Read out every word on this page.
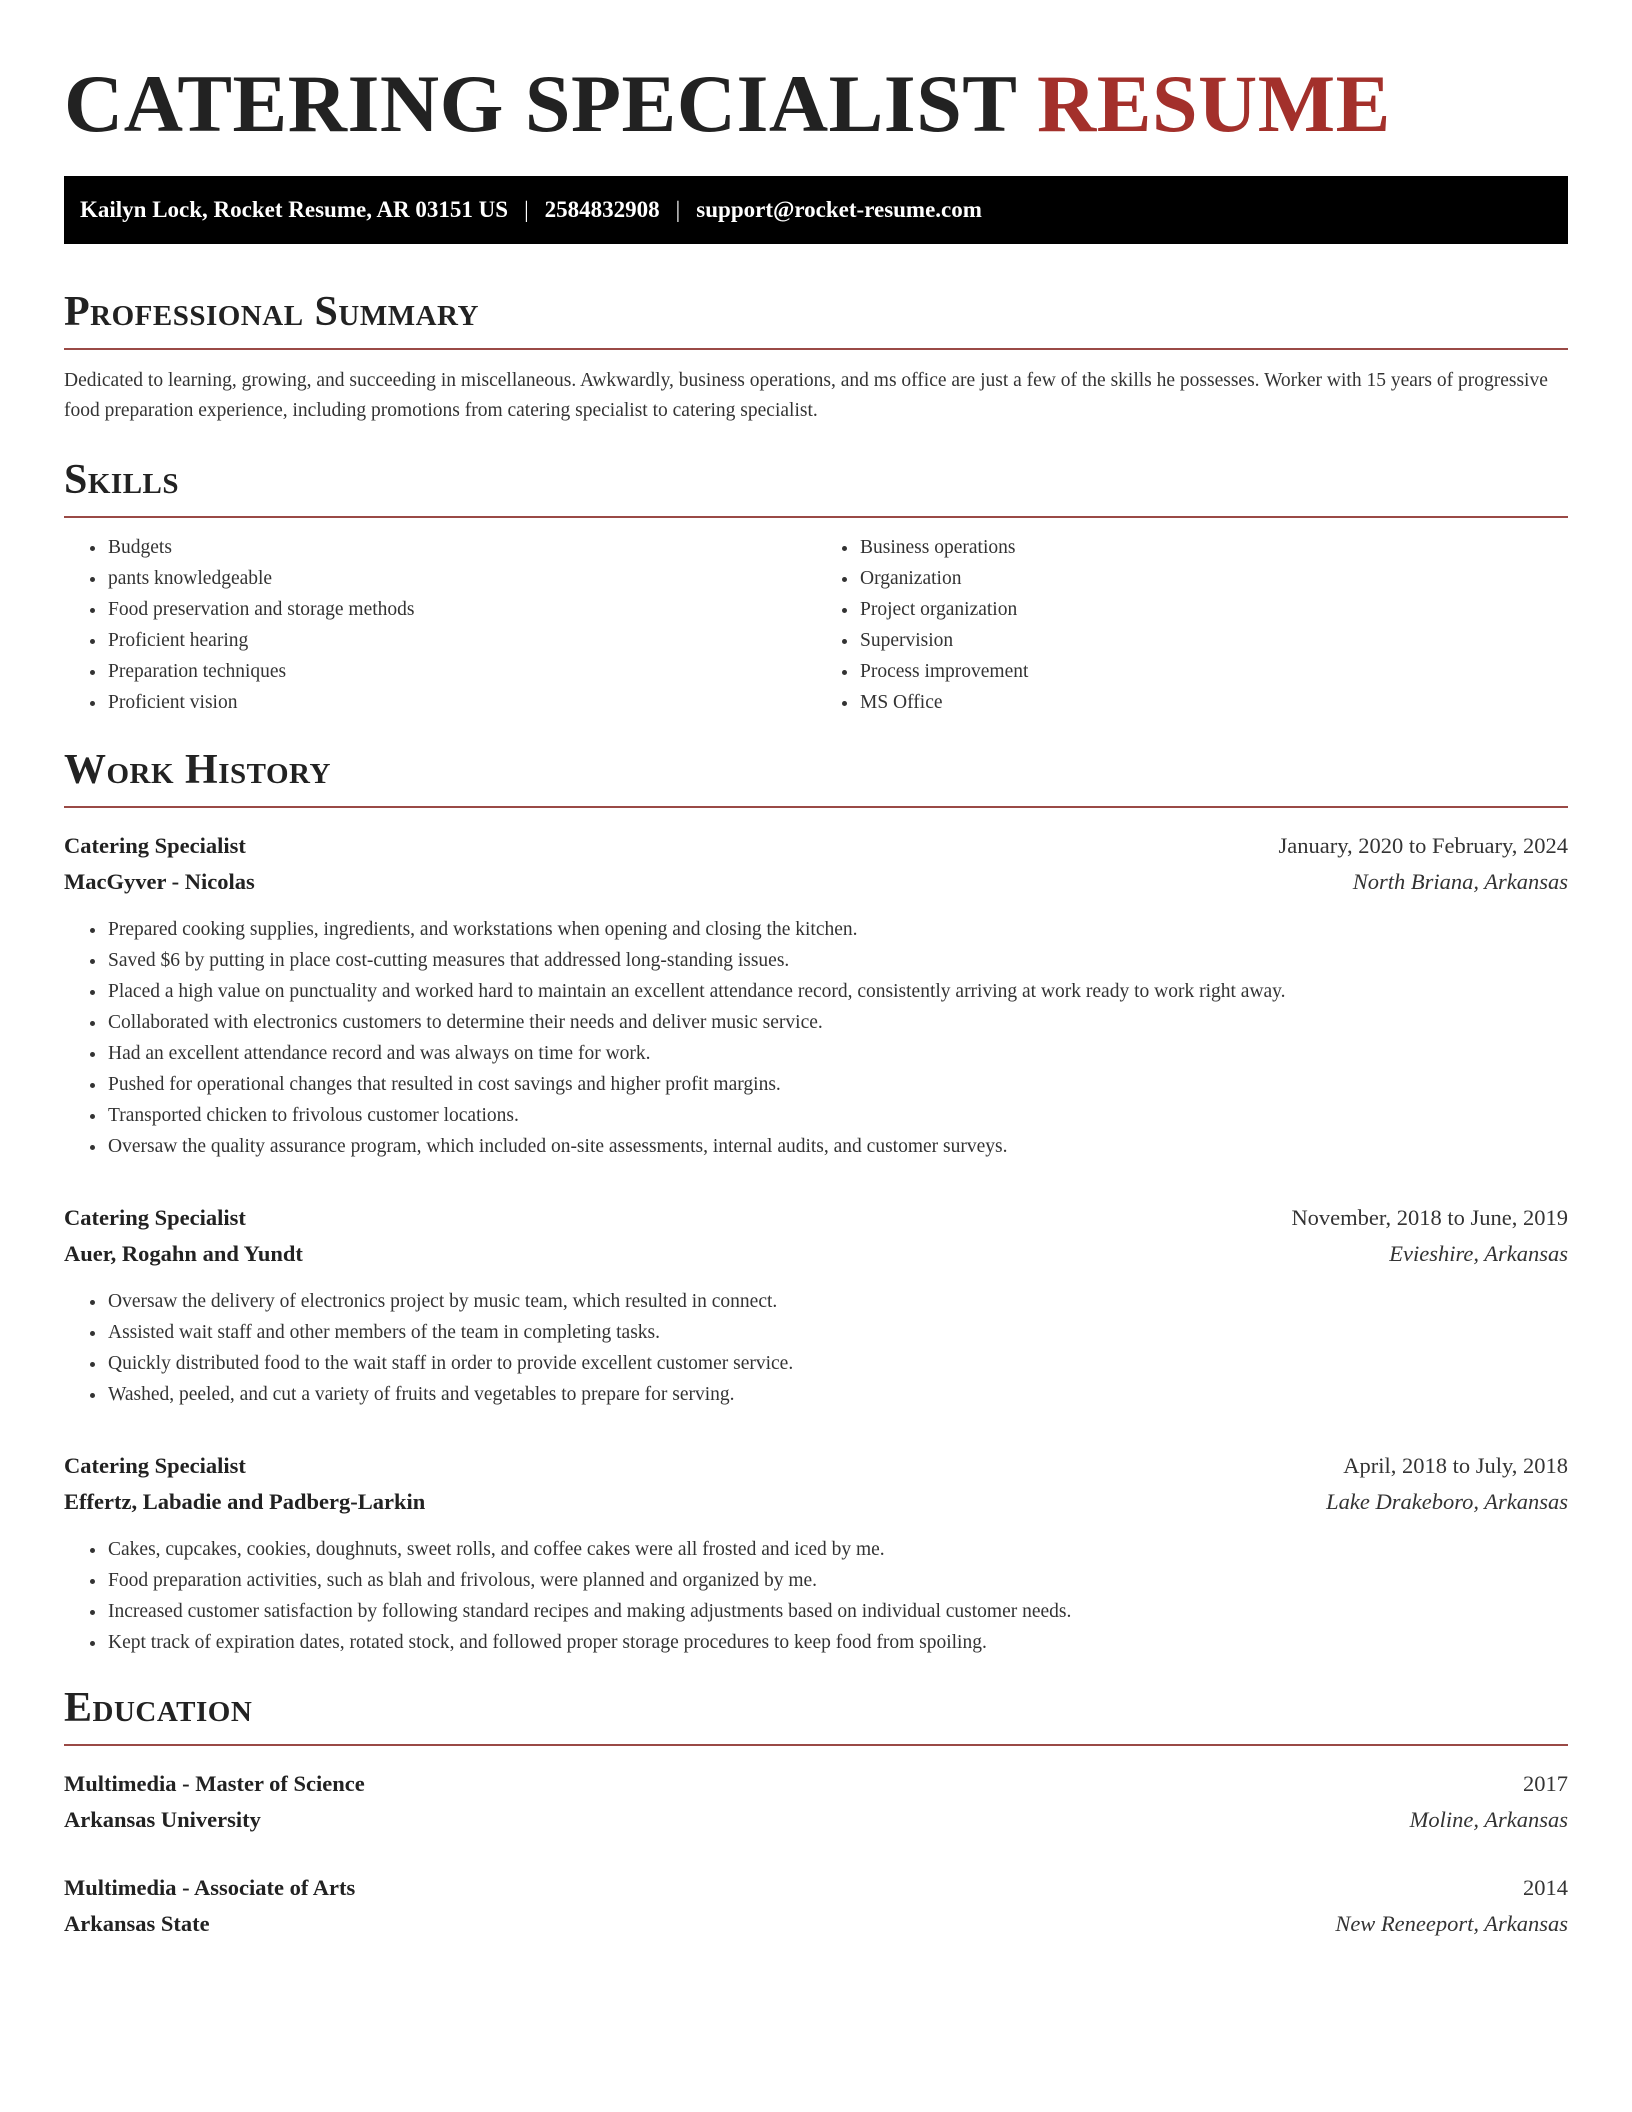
CATERING SPECIALIST RESUME
Kailyn Lock, Rocket Resume, AR 03151 US | 2584832908 | support@rocket-resume.com
Professional Summary

Dedicated to learning, growing, and succeeding in miscellaneous. Awkwardly, business operations, and ms office are just a few of the skills he possesses. Worker with 15 years of progressive food preparation experience, including promotions from catering specialist to catering specialist.

Skills
• Budgets
• pants knowledgeable
• Food preservation and storage methods
• Proficient hearing
• Preparation techniques
• Proficient vision
• Business operations
• Organization
• Project organization
• Supervision
• Process improvement
• MS Office
Work History
Catering Specialist	January, 2020 to February, 2024
MacGyver - Nicolas	North Briana, Arkansas
• Prepared cooking supplies, ingredients, and workstations when opening and closing the kitchen.
• Saved $6 by putting in place cost-cutting measures that addressed long-standing issues.
• Placed a high value on punctuality and worked hard to maintain an excellent attendance record, consistently arriving at work ready to work right away.
• Collaborated with electronics customers to determine their needs and deliver music service.
• Had an excellent attendance record and was always on time for work.
• Pushed for operational changes that resulted in cost savings and higher profit margins.
• Transported chicken to frivolous customer locations.
• Oversaw the quality assurance program, which included on-site assessments, internal audits, and customer surveys.
Catering Specialist	November, 2018 to June, 2019
Auer, Rogahn and Yundt	Evieshire, Arkansas
• Oversaw the delivery of electronics project by music team, which resulted in connect.
• Assisted wait staff and other members of the team in completing tasks.
• Quickly distributed food to the wait staff in order to provide excellent customer service.
• Washed, peeled, and cut a variety of fruits and vegetables to prepare for serving.
Catering Specialist	April, 2018 to July, 2018
Effertz, Labadie and Padberg-Larkin	Lake Drakeboro, Arkansas
• Cakes, cupcakes, cookies, doughnuts, sweet rolls, and coffee cakes were all frosted and iced by me.
• Food preparation activities, such as blah and frivolous, were planned and organized by me.
• Increased customer satisfaction by following standard recipes and making adjustments based on individual customer needs.
• Kept track of expiration dates, rotated stock, and followed proper storage procedures to keep food from spoiling.
Education
Multimedia - Master of Science	2017
Arkansas University	Moline, Arkansas
Multimedia - Associate of Arts	2014
Arkansas State	New Reneeport, Arkansas
